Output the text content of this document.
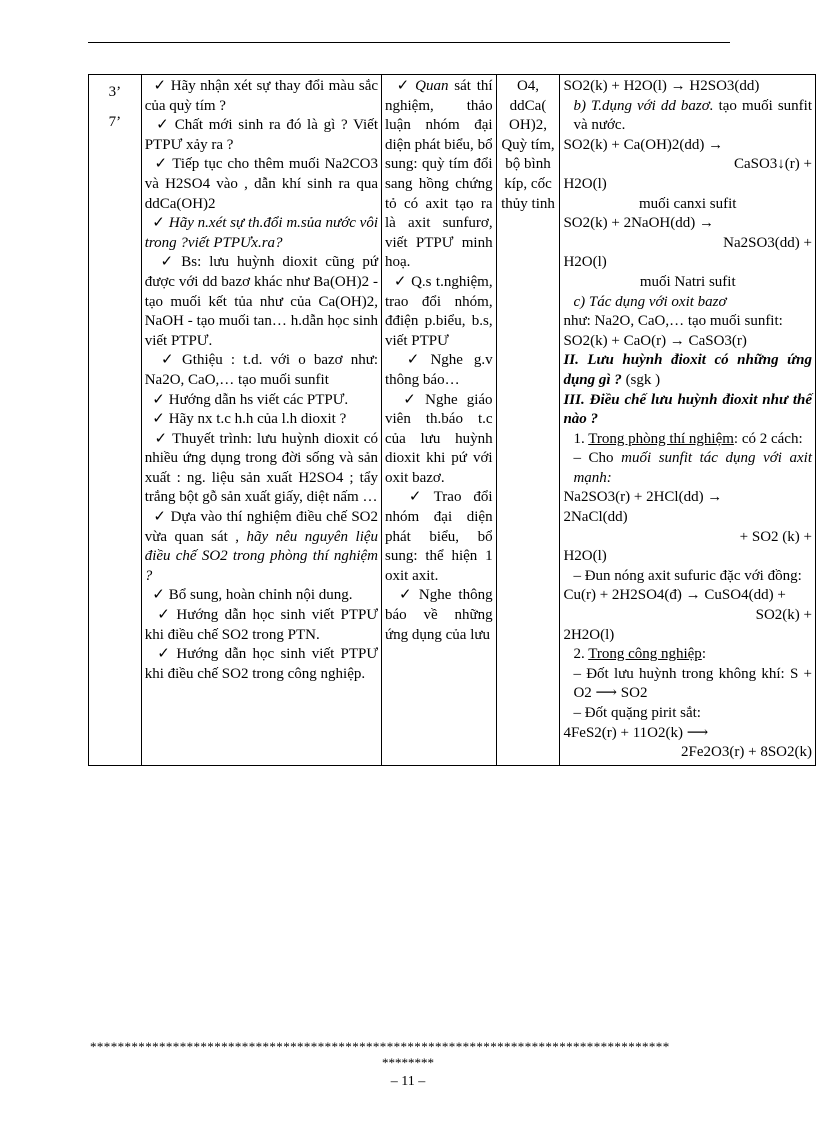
3’
7’

✓ Hãy nhận xét sự thay đổi màu sắc của quỳ tím ?
✓ Chất mới sinh ra đó là gì ? Viết PTPƯ xảy ra ?
✓ Tiếp tục cho thêm muối Na2CO3 và H2SO4 vào , dẫn khí sinh ra qua ddCa(OH)2
✓ Hãy n.xét sự th.đổi m.sủa nước vôi trong ?viết PTPƯx.ra?
✓ Bs: lưu huỳnh dioxit cũng pứ được với dd bazơ khác như Ba(OH)2 - tạo muối kết tủa như của Ca(OH)2, NaOH - tạo muối tan… h.dẫn học sinh viết PTPƯ.
✓ Gthiệu : t.d. với o bazơ như: Na2O, CaO,… tạo muối sunfit
✓ Hướng dẫn hs viết các PTPƯ.
✓ Hãy nx t.c h.h của l.h dioxit ?
✓ Thuyết trình: lưu huỳnh dioxit có nhiều ứng dụng trong đời sống và sản xuất : ng. liệu sản xuất H2SO4 ; tẩy trắng bột gỗ sản xuất giấy, diệt nấm …
✓ Dựa vào thí nghiệm điều chế SO2 vừa quan sát , hãy nêu nguyên liệu điều chế SO2 trong phòng thí nghiệm ?
✓ Bổ sung, hoàn chỉnh nội dung.
✓ Hướng dẫn học sinh viết PTPƯ khi điều chế SO2 trong PTN.
✓ Hướng dẫn học sinh viết PTPƯ khi điều chế SO2 trong công nghiệp.

✓ Quan sát thí nghiệm, thảo luận nhóm đại diện phát biểu, bổ sung: quỳ tím đổi sang hồng chứng tỏ có axit tạo ra là axit sunfurơ, viết PTPƯ minh hoạ.
✓ Q.s t.nghiệm, trao đổi nhóm, đđiện p.biểu, b.s, viết PTPƯ
✓ Nghe g.v thông báo…
✓ Nghe giáo viên th.báo t.c của lưu huỳnh dioxit khi pứ với oxit bazơ.
✓ Trao đổi nhóm đại diện phát biểu, bổ sung: thể hiện 1 oxit axit.
✓ Nghe thông báo về những ứng dụng của lưu

O4, ddCa( OH)2, Quỳ tím, bộ bình kíp, cốc thủy tinh

SO2(k) + H2O(l) → H2SO3(dd)
b) T.dụng với dd bazơ. tạo muối sunfit và nước.
SO2(k) + Ca(OH)2(dd) →
CaSO3↓(r) +
H2O(l)
muối canxi sufit
SO2(k) + 2NaOH(dd) →
Na2SO3(dd) +
H2O(l)
muối Natri sufit
c) Tác dụng với oxit bazơ
như: Na2O, CaO,… tạo muối sunfit:
SO2(k) + CaO(r) → CaSO3(r)
II. Lưu huỳnh đioxit có những ứng dụng gì ? (sgk )
III. Điều chế lưu huỳnh đioxit như thế nào ?
1. Trong phòng thí nghiệm: có 2 cách:
– Cho muối sunfit tác dụng với axit mạnh:
Na2SO3(r) + 2HCl(dd) →
2NaCl(dd)
+ SO2 (k) +
H2O(l)
– Đun nóng axit sufuric đặc với đồng:
Cu(r) + 2H2SO4(đ) → CuSO4(dd) +
SO2(k) +
2H2O(l)
2. Trong công nghiệp:
– Đốt lưu huỳnh trong không khí: S + O2 ⟶ SO2
– Đốt quặng pirit sắt:
4FeS2(r) + 11O2(k) ⟶
2Fe2O3(r) + 8SO2(k)
************************************************************************************
********
– 11 –
